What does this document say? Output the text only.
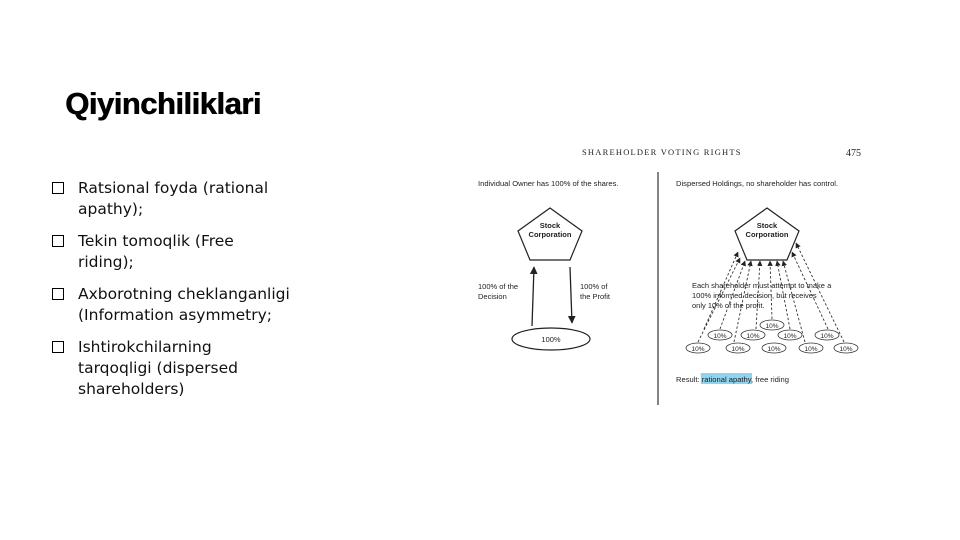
Qiyinchiliklari
Ratsional foyda (rational apathy);
Tekin tomoqlik (Free riding);
Axborotning cheklanganligi (Information asymmetry;
Ishtirokchilarning tarqoqligi (dispersed shareholders)
SHAREHOLDER VOTING RIGHTS	475
Individual Owner has 100% of the shares.
Stock
Corporation
100% of the
Decision
100% of
the Profit
100%
Dispersed Holdings, no shareholder has control.
Stock
Corporation
Each shareholder must attempt to make a
100% informed decision, but receives
only 10% of the profit.
10%
10%	10%	10%	10%
10%	10%	10%	10%	10%
Result: rational apathy, free riding
